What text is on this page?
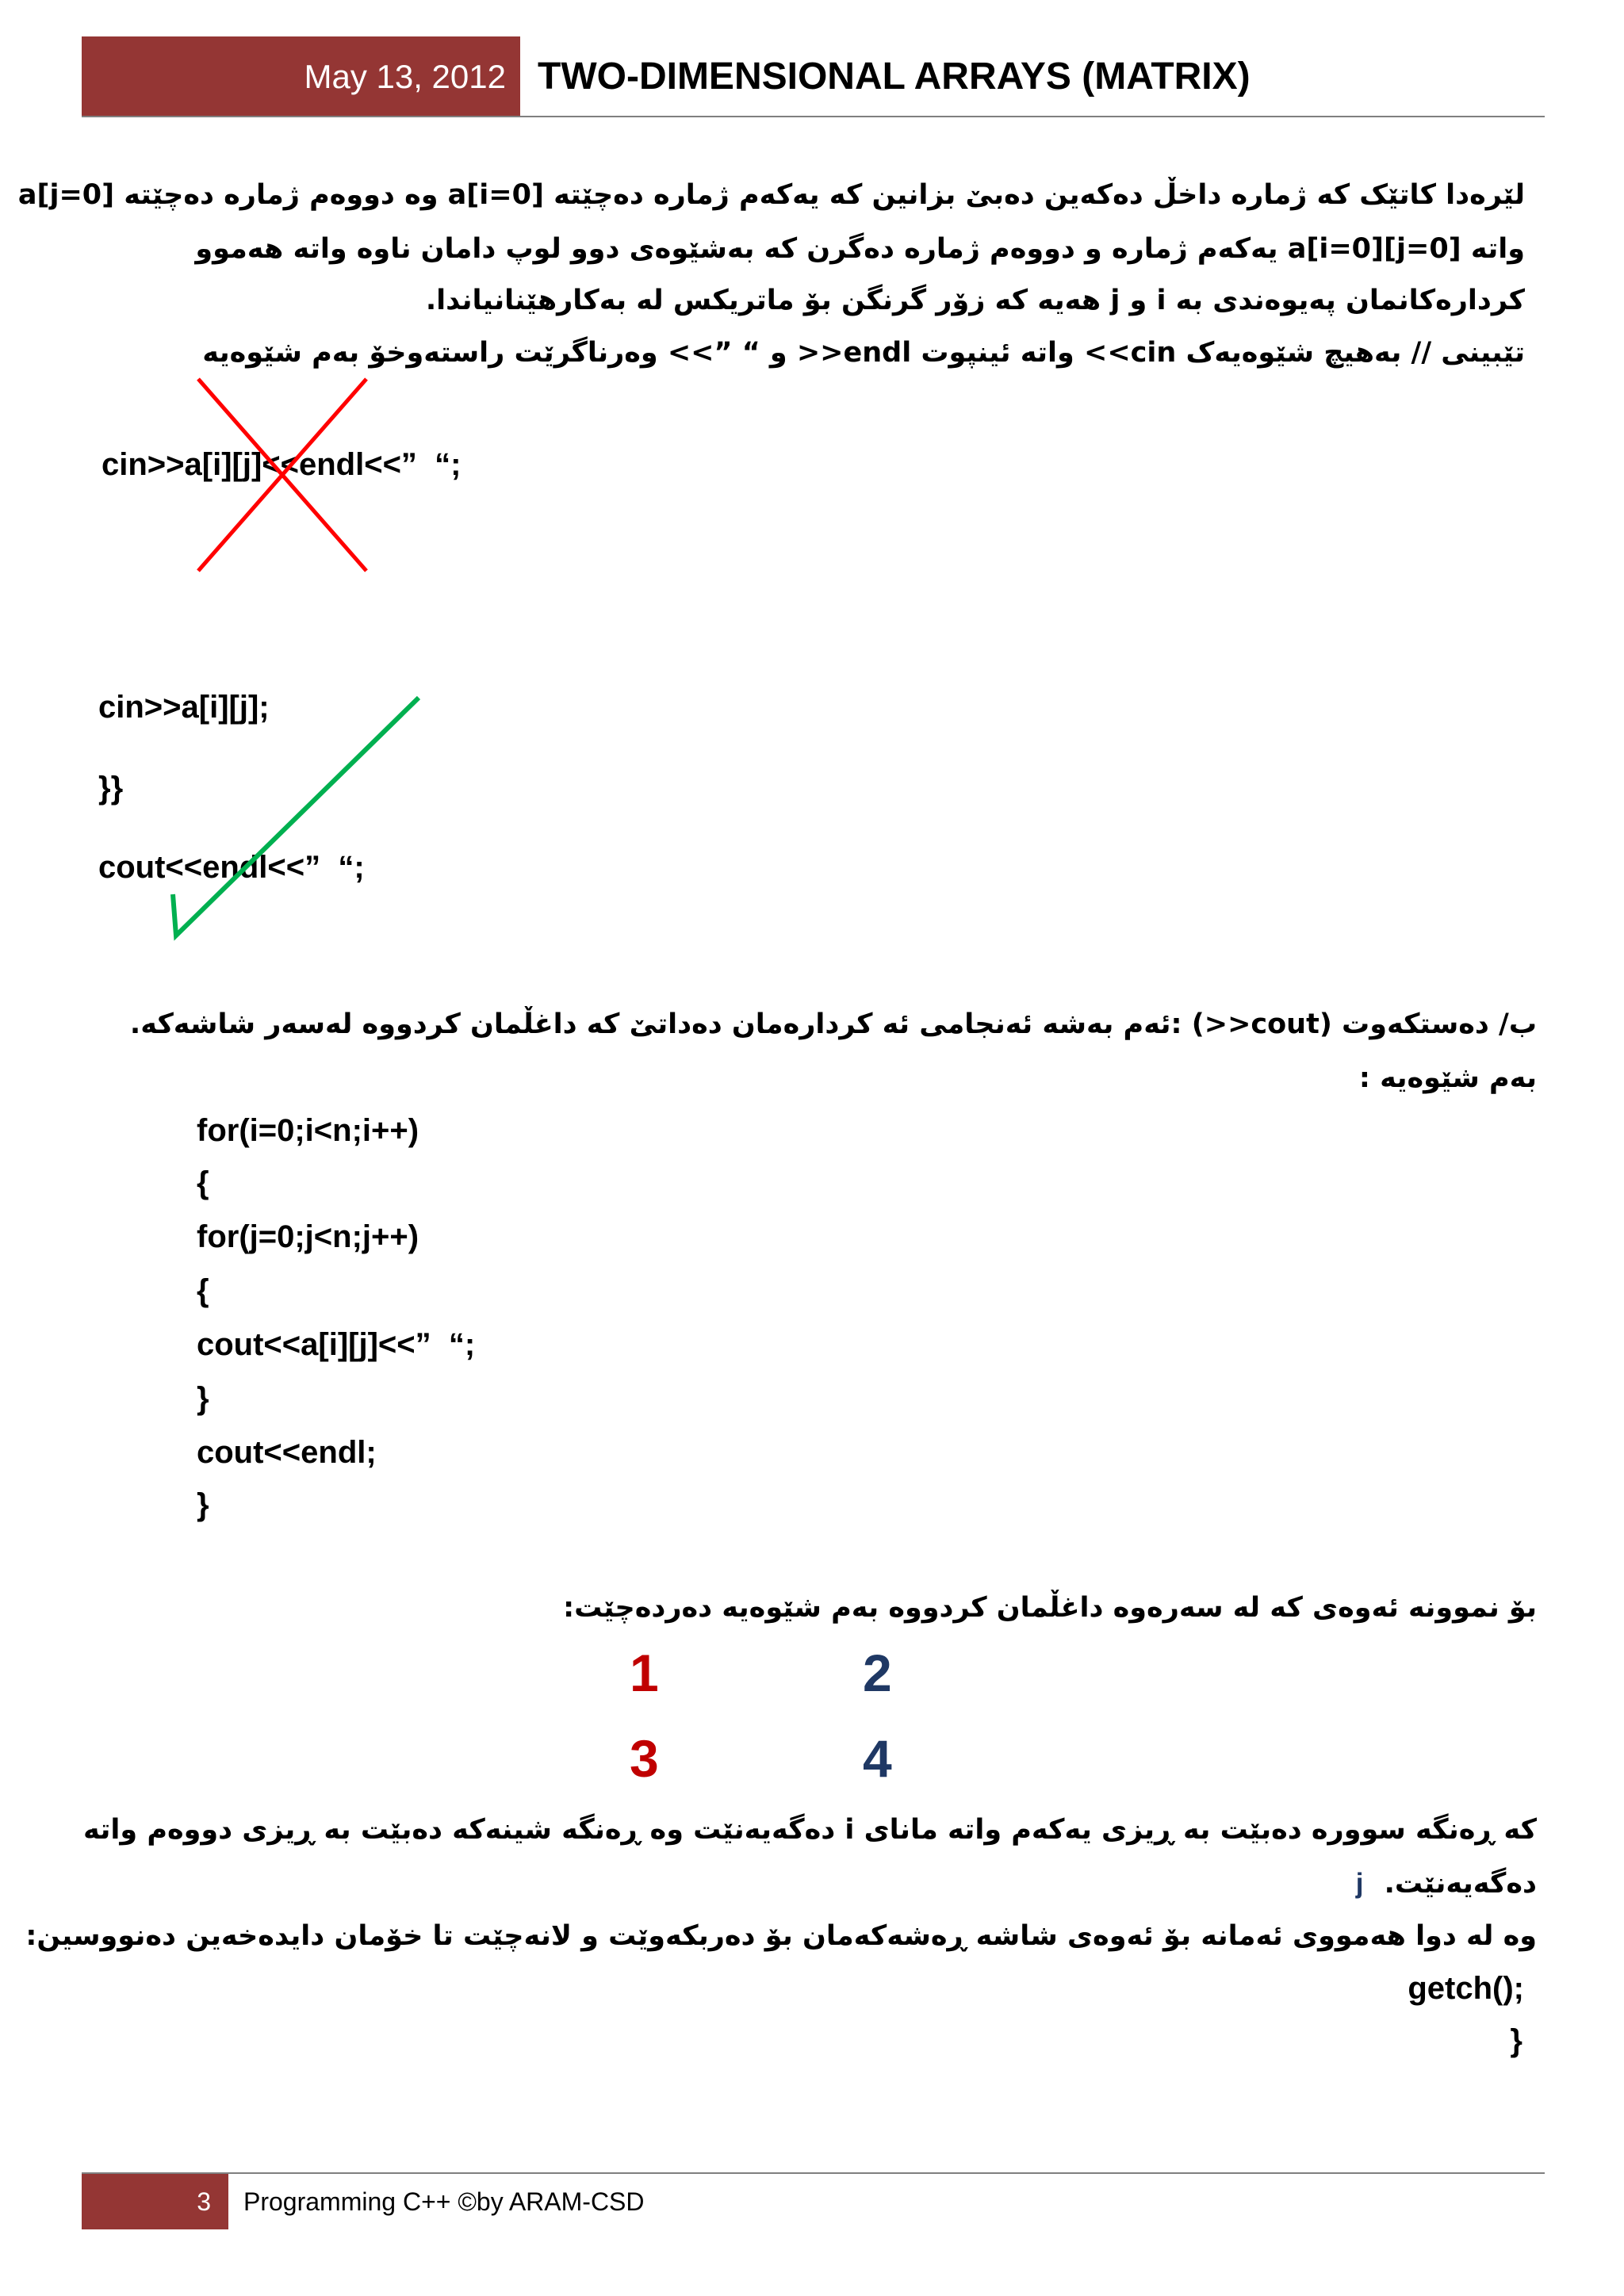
May 13, 2012 TWO-DIMENSIONAL ARRAYS (MATRIX)
لێرەدا کاتێک کە ژمارە داخڵ دەکەین دەبێ بزانین کە یەکەم ژمارە دەچێتە a[i=0] وە دووەم ژمارە دەچێتە a[j=0]
واتە a[i=0][j=0] یەکەم ژمارە و دووەم ژمارە دەگرن کە بەشێوەی دوو لوپ دامان ناوە واتە هەموو
کردارەکانمان پەیوەندی بە i و j هەیە کە زۆر گرنگن بۆ ماتریکس لە بەکارهێنانیاندا.
تێبینی // بەهیچ شێوەیەک cin>> واتە ئینپوت endl<< و “ ”>> وەرناگرێت راستەوخۆ بەم شێوەیە
cin>>a[i][j]<<endl<<”  “;
cin>>a[i][j];
}}
cout<<endl<<”  “;
ب/ دەستکەوت (cout<<) :ئەم بەشە ئەنجامی ئە کردارەمان دەداتێ کە داغڵمان کردووە لەسەر شاشەکە.
بەم شێوەیە :
for(i=0;i<n;i++)
{
for(j=0;j<n;j++)
{
cout<<a[i][j]<<”  “;
}
cout<<endl;
}
بۆ نموونە ئەوەی کە لە سەرەوە داغڵمان کردووە بەم شێوەیە دەردەچێت:
1	2
3	4
کە ڕەنگە سوورە دەبێت بە ڕیزی یەکەم واتە مانای i دەگەیەنێت وە ڕەنگە شینەکە دەبێت بە ڕیزی دووەم واتە
دەگەیەنێت. j
وە لە دوا هەمووی ئەمانە بۆ ئەوەی شاشە ڕەشەکەمان بۆ دەربکەوێت و لانەچێت تا خۆمان دایدەخەین دەنووسین:
getch();
}
3	Programming C++ ©by ARAM-CSD
